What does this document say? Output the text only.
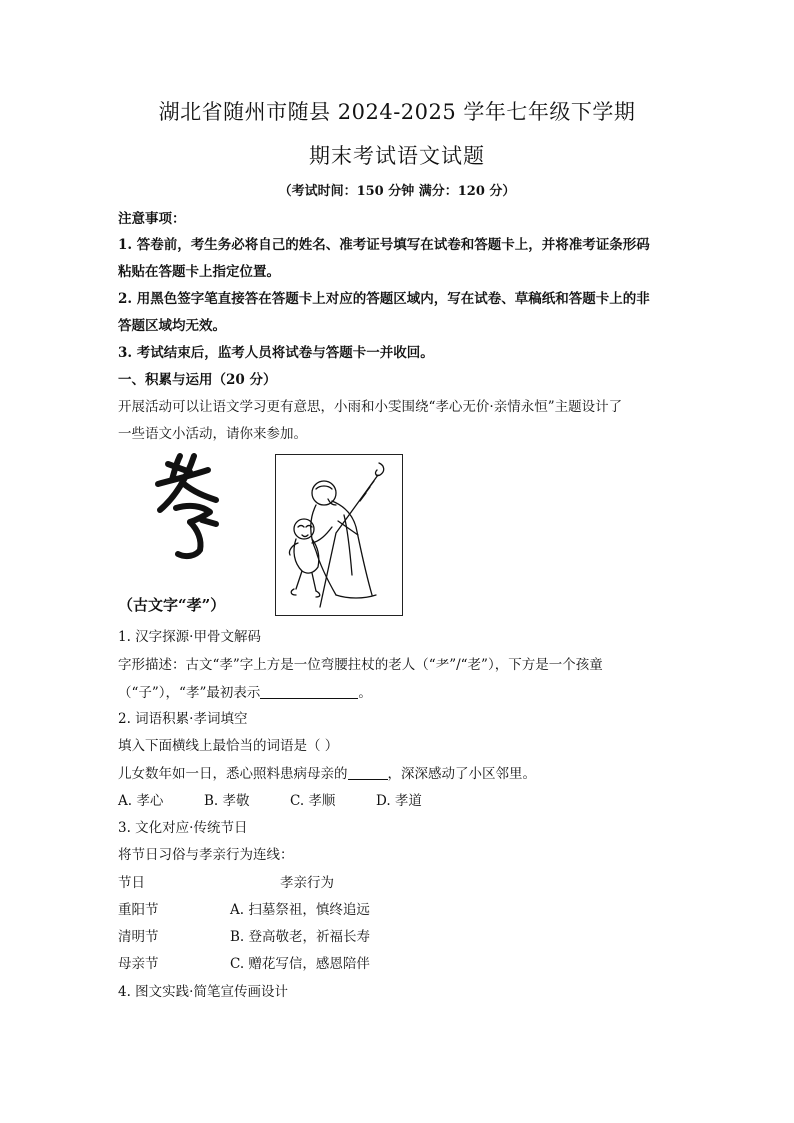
湖北省随州市随县 2024-2025 学年七年级下学期
期末考试语文试题
（考试时间：150 分钟 满分：120 分）
注意事项：
1. 答卷前，考生务必将自己的姓名、准考证号填写在试卷和答题卡上，并将准考证条形码
粘贴在答题卡上指定位置。
2. 用黑色签字笔直接答在答题卡上对应的答题区域内，写在试卷、草稿纸和答题卡上的非
答题区域均无效。
3. 考试结束后，监考人员将试卷与答题卡一并收回。
一、积累与运用（20 分）
开展活动可以让语文学习更有意思，小雨和小雯围绕“孝心无价·亲情永恒”主题设计了
一些语文小活动，请你来参加。
（古文字“孝”）
1. 汉字探源·甲骨文解码
字形描述：古文“孝”字上方是一位弯腰拄杖的老人（“⺹”/“老”），下方是一个孩童
（“子”），“孝”最初表示	。
2. 词语积累·孝词填空
填入下面横线上最恰当的词语是（ ）
儿女数年如一日，悉心照料患病母亲的	，深深感动了小区邻里。
A. 孝心	B. 孝敬	C. 孝顺	D. 孝道
3. 文化对应·传统节日
将节日习俗与孝亲行为连线：
节日	孝亲行为
重阳节	A. 扫墓祭祖，慎终追远
清明节	B. 登高敬老，祈福长寿
母亲节	C. 赠花写信，感恩陪伴
4. 图文实践·简笔宣传画设计
